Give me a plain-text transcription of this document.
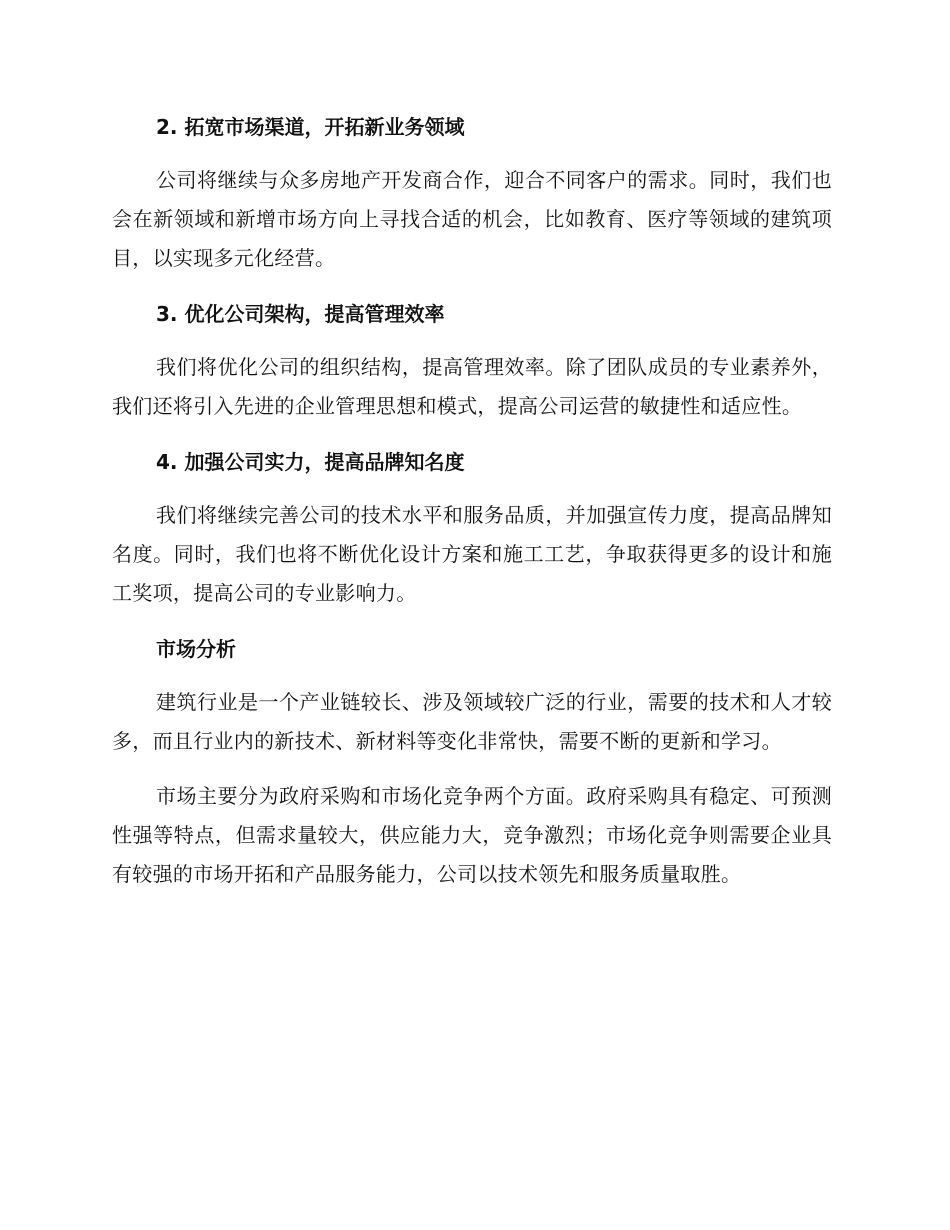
2. 拓宽市场渠道，开拓新业务领域

公司将继续与众多房地产开发商合作，迎合不同客户的需求。同时，我们也会在新领域和新增市场方向上寻找合适的机会，比如教育、医疗等领域的建筑项目，以实现多元化经营。

3. 优化公司架构，提高管理效率

我们将优化公司的组织结构，提高管理效率。除了团队成员的专业素养外，我们还将引入先进的企业管理思想和模式，提高公司运营的敏捷性和适应性。

4. 加强公司实力，提高品牌知名度

我们将继续完善公司的技术水平和服务品质，并加强宣传力度，提高品牌知名度。同时，我们也将不断优化设计方案和施工工艺，争取获得更多的设计和施工奖项，提高公司的专业影响力。

市场分析

建筑行业是一个产业链较长、涉及领域较广泛的行业，需要的技术和人才较多，而且行业内的新技术、新材料等变化非常快，需要不断的更新和学习。

市场主要分为政府采购和市场化竞争两个方面。政府采购具有稳定、可预测性强等特点，但需求量较大，供应能力大，竞争激烈；市场化竞争则需要企业具有较强的市场开拓和产品服务能力，公司以技术领先和服务质量取胜。
